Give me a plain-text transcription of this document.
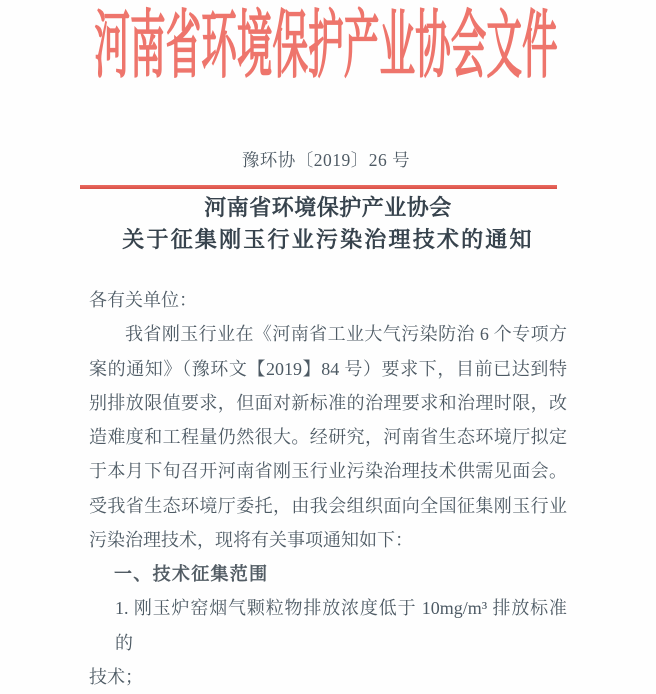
河南省环境保护产业协会文件
豫环协〔2019〕26 号
河南省环境保护产业协会
关于征集刚玉行业污染治理技术的通知
各有关单位：
我省刚玉行业在《河南省工业大气污染防治 6 个专项方
案的通知》（豫环文【2019】84 号）要求下，目前已达到特
别排放限值要求，但面对新标准的治理要求和治理时限，改
造难度和工程量仍然很大。经研究，河南省生态环境厅拟定
于本月下旬召开河南省刚玉行业污染治理技术供需见面会。
受我省生态环境厅委托，由我会组织面向全国征集刚玉行业
污染治理技术，现将有关事项通知如下：
一、技术征集范围
1. 刚玉炉窑烟气颗粒物排放浓度低于 10mg/m³ 排放标准的
技术；
